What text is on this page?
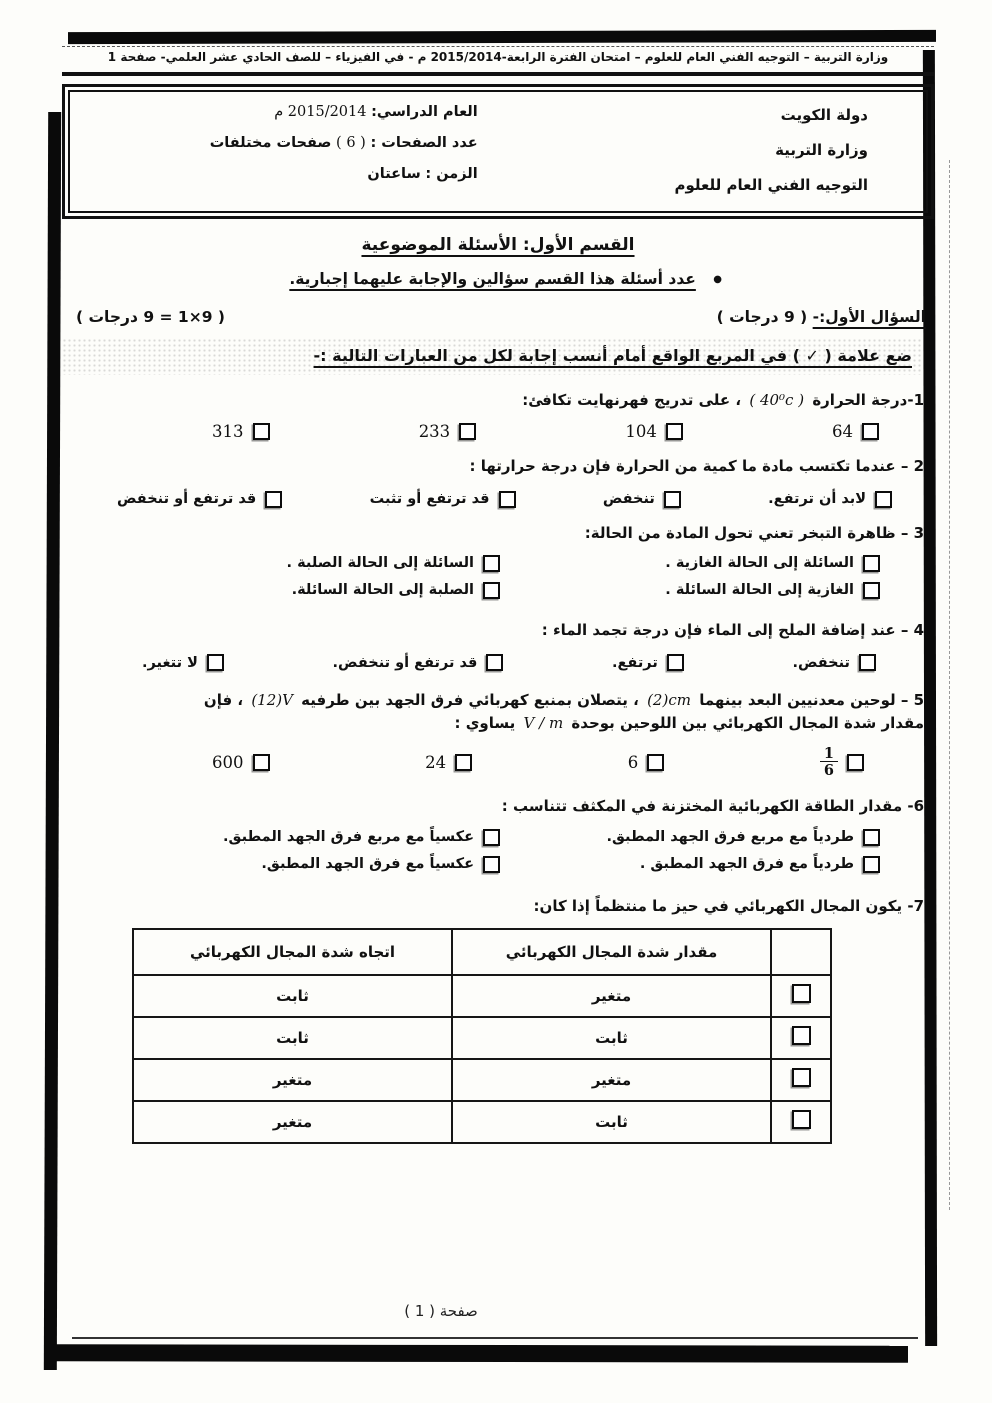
وزارة التربية – التوجيه الفني العام للعلوم – امتحان الفترة الرابعة-2015/2014 م - في الفيزياء – للصف الحادي عشر العلمي- صفحة 1
دولة الكويت
وزارة التربية
التوجيه الفني العام للعلوم
العام الدراسي: 2015/2014 م
عدد الصفحات : ( 6 ) صفحات مختلفات
الزمن : ساعتان
القسم الأول: الأسئلة الموضوعية
● عدد أسئلة هذا القسم سؤالين والإجابة عليهما إجبارية.
السؤال الأول:- ( 9 درجات )
( 9×1 = 9 درجات )
ضع علامة ( ✓ ) في المربع الواقع أمام أنسب إجابة لكل من العبارات التالية :-
1-درجة الحرارة ( 40⁰c ) ، على تدريج فهرنهايت تكافئ:
64
104
233
313
2 – عندما تكتسب مادة ما كمية من الحرارة فإن درجة حرارتها :
لابد أن ترتفع.
تنخفض
قد ترتفع أو تثبت
قد ترتفع أو تنخفض
3 – ظاهرة التبخر تعني تحول المادة من الحالة:
السائلة إلى الحالة الغازية .
السائلة إلى الحالة الصلبة .
الغازية إلى الحالة السائلة .
الصلبة إلى الحالة السائلة.
4 – عند إضافة الملح إلى الماء فإن درجة تجمد الماء :
تنخفض.
ترتفع.
قد ترتفع أو تنخفض.
لا تتغير.
5 – لوحين معدنيين البعد بينهما (2)cm ، يتصلان بمنبع كهربائي فرق الجهد بين طرفيه (12)V ، فإن
مقدار شدة المجال الكهربائي بين اللوحين بوحدة V / m يساوي :
$\frac{1}{6}$
6
24
600
6- مقدار الطاقة الكهربائية المختزنة في المكثف تتناسب :
طردياً مع مربع فرق الجهد المطبق.
عكسياً مع مربع فرق الجهد المطبق.
طردياً مع فرق الجهد المطبق .
عكسياً مع فرق الجهد المطبق.
7- يكون المجال الكهربائي في حيز ما منتظماً إذا كان:
	مقدار شدة المجال الكهربائي	اتجاه شدة المجال الكهربائي
	متغير	ثابت
	ثابت	ثابت
	متغير	متغير
	ثابت	متغير
صفحة ( 1 )
